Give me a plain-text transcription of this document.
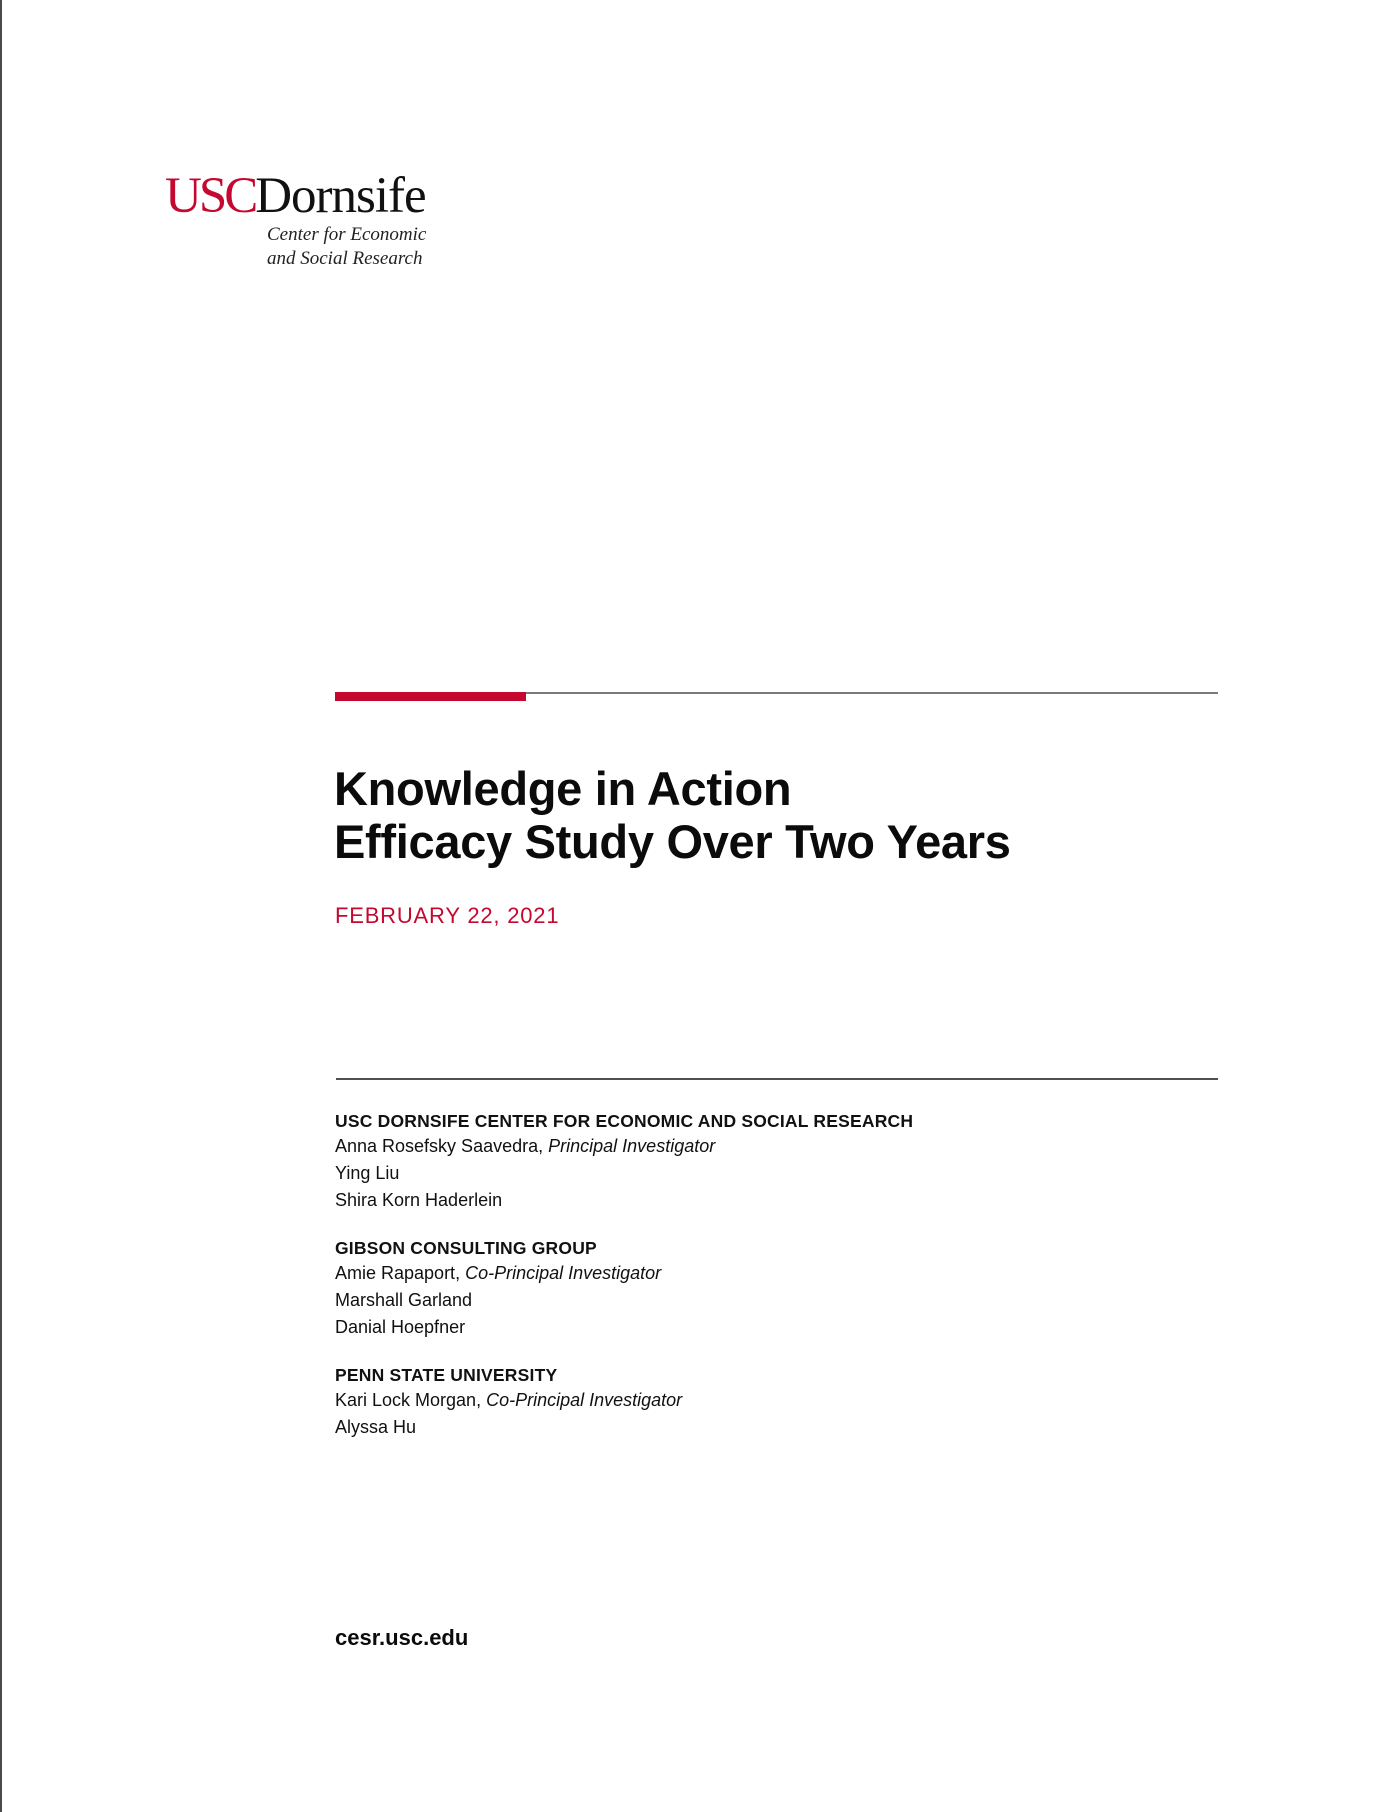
USCDornsife
Center for Economic
and Social Research
Knowledge in Action
Efficacy Study Over Two Years
FEBRUARY 22, 2021
USC DORNSIFE CENTER FOR ECONOMIC AND SOCIAL RESEARCH
Anna Rosefsky Saavedra, Principal Investigator
Ying Liu
Shira Korn Haderlein
GIBSON CONSULTING GROUP
Amie Rapaport, Co-Principal Investigator
Marshall Garland
Danial Hoepfner
PENN STATE UNIVERSITY
Kari Lock Morgan, Co-Principal Investigator
Alyssa Hu
cesr.usc.edu
